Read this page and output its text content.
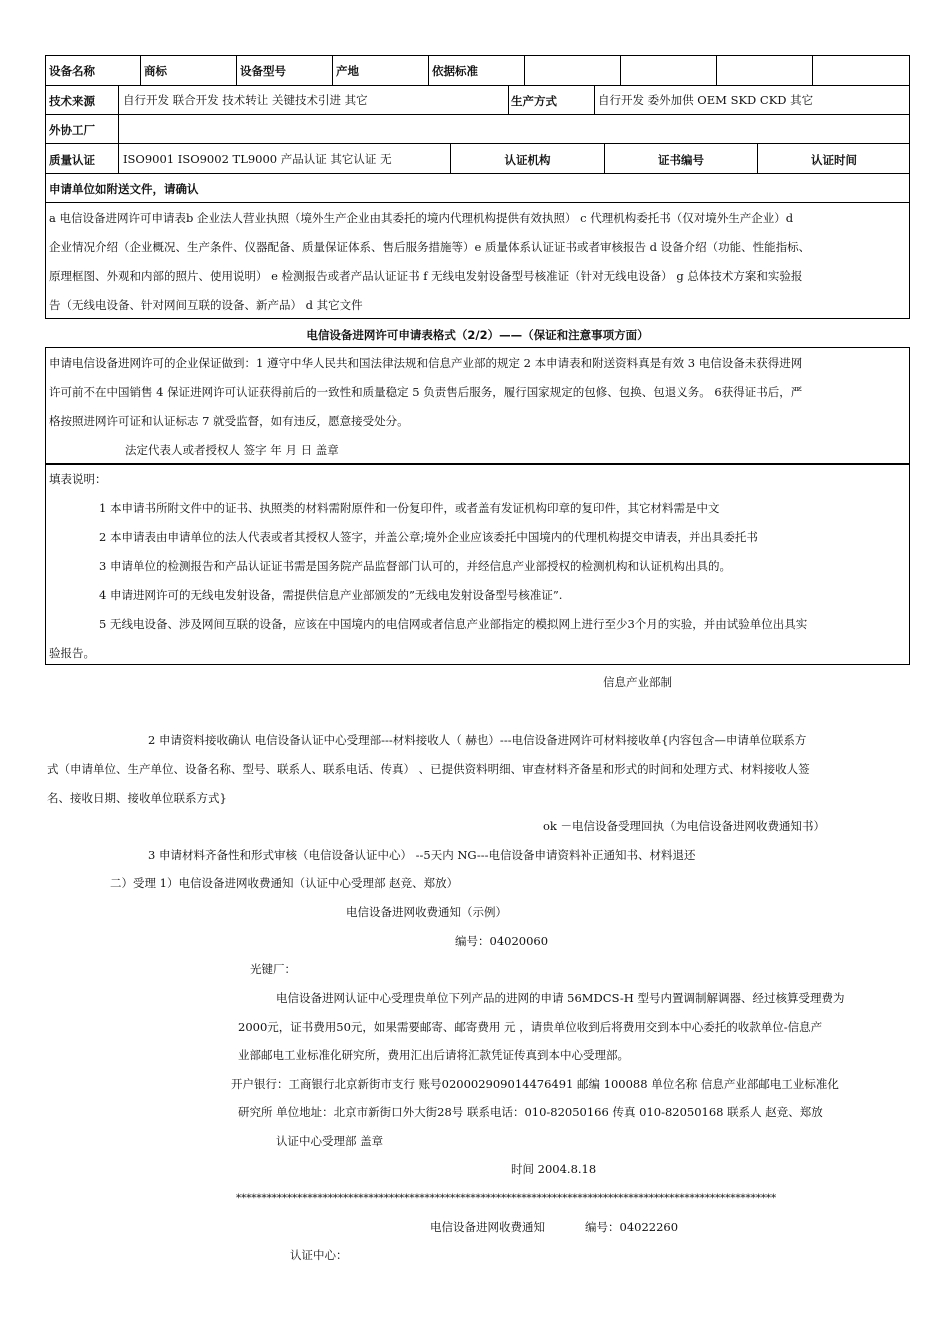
设备名称	商标	设备型号	产地	依据标准
技术来源 自行开发 联合开发 技术转让 关键技术引进 其它	生产方式	自行开发 委外加供 OEM SKD CKD 其它
外协工厂
质量认证 ISO9001 ISO9002 TL9000 产品认证 其它认证 无	认证机构	证书编号	认证时间
申请单位如附送文件，请确认
a 电信设备进网许可申请表b 企业法人营业执照（境外生产企业由其委托的境内代理机构提供有效执照） c 代理机构委托书（仅对境外生产企业）d
企业情况介绍（企业概况、生产条件、仪器配备、质量保证体系、售后服务措施等）e 质量体系认证证书或者审核报告 d 设备介绍（功能、性能指标、
原理框图、外观和内部的照片、使用说明） e 检测报告或者产品认证证书 f 无线电发射设备型号核准证（针对无线电设备） g 总体技术方案和实验报
告（无线电设备、针对网间互联的设备、新产品） d 其它文件
电信设备进网许可申请表格式（2/2）——（保证和注意事项方面）
申请电信设备进网许可的企业保证做到：1 遵守中华人民共和国法律法规和信息产业部的规定 2 本申请表和附送资料真是有效 3 电信设备未获得进网
许可前不在中国销售 4 保证进网许可认证获得前后的一致性和质量稳定 5 负责售后服务，履行国家规定的包修、包换、包退义务。 6获得证书后，严
格按照进网许可证和认证标志 7 就受监督，如有违反，愿意接受处分。
法定代表人或者授权人 签字 年 月 日 盖章
填表说明：
1 本申请书所附文件中的证书、执照类的材料需附原件和一份复印件，或者盖有发证机构印章的复印件，其它材料需是中文
2 本申请表由申请单位的法人代表或者其授权人签字，并盖公章;境外企业应该委托中国境内的代理机构提交申请表，并出具委托书
3 申请单位的检测报告和产品认证证书需是国务院产品监督部门认可的，并经信息产业部授权的检测机构和认证机构出具的。
4 申请进网许可的无线电发射设备，需提供信息产业部颁发的”无线电发射设备型号核准证”.
5 无线电设备、涉及网间互联的设备，应该在中国境内的电信网或者信息产业部指定的模拟网上进行至少3个月的实验，并由试验单位出具实
验报告。
信息产业部制
2 申请资料接收确认 电信设备认证中心受理部---材料接收人（ 赫也）---电信设备进网许可材料接收单{内容包含—申请单位联系方
式（申请单位、生产单位、设备名称、型号、联系人、联系电话、传真） 、已提供资料明细、审查材料齐备星和形式的时间和处理方式、材料接收人签
名、接收日期、接收单位联系方式}
ok －电信设备受理回执（为电信设备进网收费通知书）
3 申请材料齐备性和形式审核（电信设备认证中心） --5天内 NG---电信设备申请资料补正通知书、材料退还
二）受理 1）电信设备进网收费通知（认证中心受理部 赵竞、郑放）
电信设备进网收费通知（示例）
编号：04020060
光键厂：
电信设备进网认证中心受理贵单位下列产品的进网的申请 56MDCS-H 型号内置调制解调器、经过核算受理费为
2000元，证书费用50元，如果需要邮寄、邮寄费用 元 ，请贵单位收到后将费用交到本中心委托的收款单位-信息产
业部邮电工业标准化研究所，费用汇出后请将汇款凭证传真到本中心受理部。
开户银行：工商银行北京新街市支行 账号020002909014476491 邮编 100088 单位名称 信息产业部邮电工业标准化
研究所 单位地址：北京市新街口外大街28号 联系电话：010-82050166 传真 010-82050168 联系人 赵竞、郑放
认证中心受理部 盖章
时间 2004.8.18
**********************************************************************************************************
电信设备进网收费通知	编号：04022260
认证中心：
